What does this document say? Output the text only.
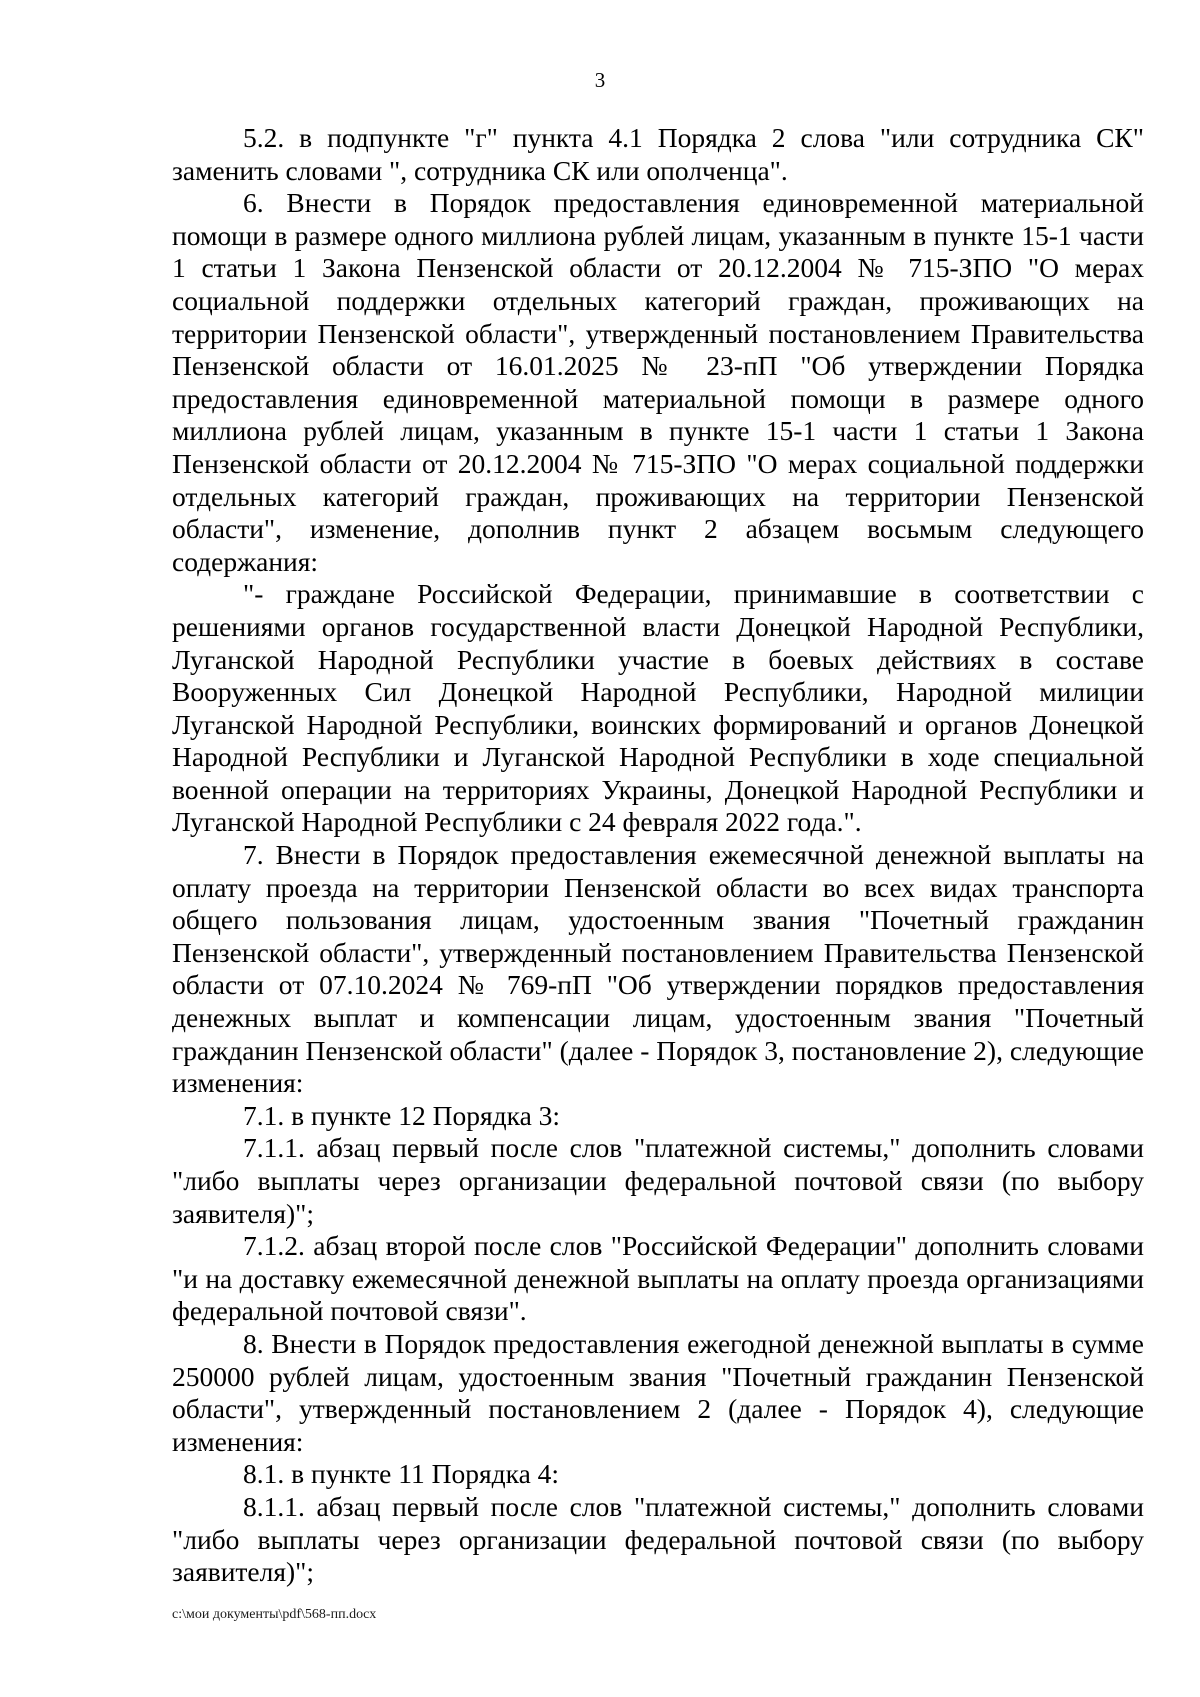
3

5.2. в подпункте "г" пункта 4.1 Порядка 2 слова "или сотрудника СК" заменить словами ", сотрудника СК или ополченца".

6. Внести в Порядок предоставления единовременной материальной помощи в размере одного миллиона рублей лицам, указанным в пункте 15-1 части 1 статьи 1 Закона Пензенской области от 20.12.2004 № 715-ЗПО "О мерах социальной поддержки отдельных категорий граждан, проживающих на территории Пензенской области", утвержденный постановлением Правительства Пензенской области от 16.01.2025 № 23-пП "Об утверждении Порядка предоставления единовременной материальной помощи в размере одного миллиона рублей лицам, указанным в пункте 15-1 части 1 статьи 1 Закона Пензенской области от 20.12.2004 № 715-ЗПО "О мерах социальной поддержки отдельных категорий граждан, проживающих на территории Пензенской области", изменение, дополнив пункт 2 абзацем восьмым следующего содержания:

"- граждане Российской Федерации, принимавшие в соответствии с решениями органов государственной власти Донецкой Народной Республики, Луганской Народной Республики участие в боевых действиях в составе Вооруженных Сил Донецкой Народной Республики, Народной милиции Луганской Народной Республики, воинских формирований и органов Донецкой Народной Республики и Луганской Народной Республики в ходе специальной военной операции на территориях Украины, Донецкой Народной Республики и Луганской Народной Республики с 24 февраля 2022 года.".

7. Внести в Порядок предоставления ежемесячной денежной выплаты на оплату проезда на территории Пензенской области во всех видах транспорта общего пользования лицам, удостоенным звания "Почетный гражданин Пензенской области", утвержденный постановлением Правительства Пензенской области от 07.10.2024 № 769-пП "Об утверждении порядков предоставления денежных выплат и компенсации лицам, удостоенным звания "Почетный гражданин Пензенской области" (далее - Порядок 3, постановление 2), следующие изменения:

7.1. в пункте 12 Порядка 3:

7.1.1. абзац первый после слов "платежной системы," дополнить словами "либо выплаты через организации федеральной почтовой связи (по выбору заявителя)";

7.1.2. абзац второй после слов "Российской Федерации" дополнить словами "и на доставку ежемесячной денежной выплаты на оплату проезда организациями федеральной почтовой связи".

8. Внести в Порядок предоставления ежегодной денежной выплаты в сумме 250000 рублей лицам, удостоенным звания "Почетный гражданин Пензенской области", утвержденный постановлением 2 (далее - Порядок 4), следующие изменения:

8.1. в пункте 11 Порядка 4:

8.1.1. абзац первый после слов "платежной системы," дополнить словами "либо выплаты через организации федеральной почтовой связи (по выбору заявителя)";

c:\мои документы\pdf\568-пп.docx
